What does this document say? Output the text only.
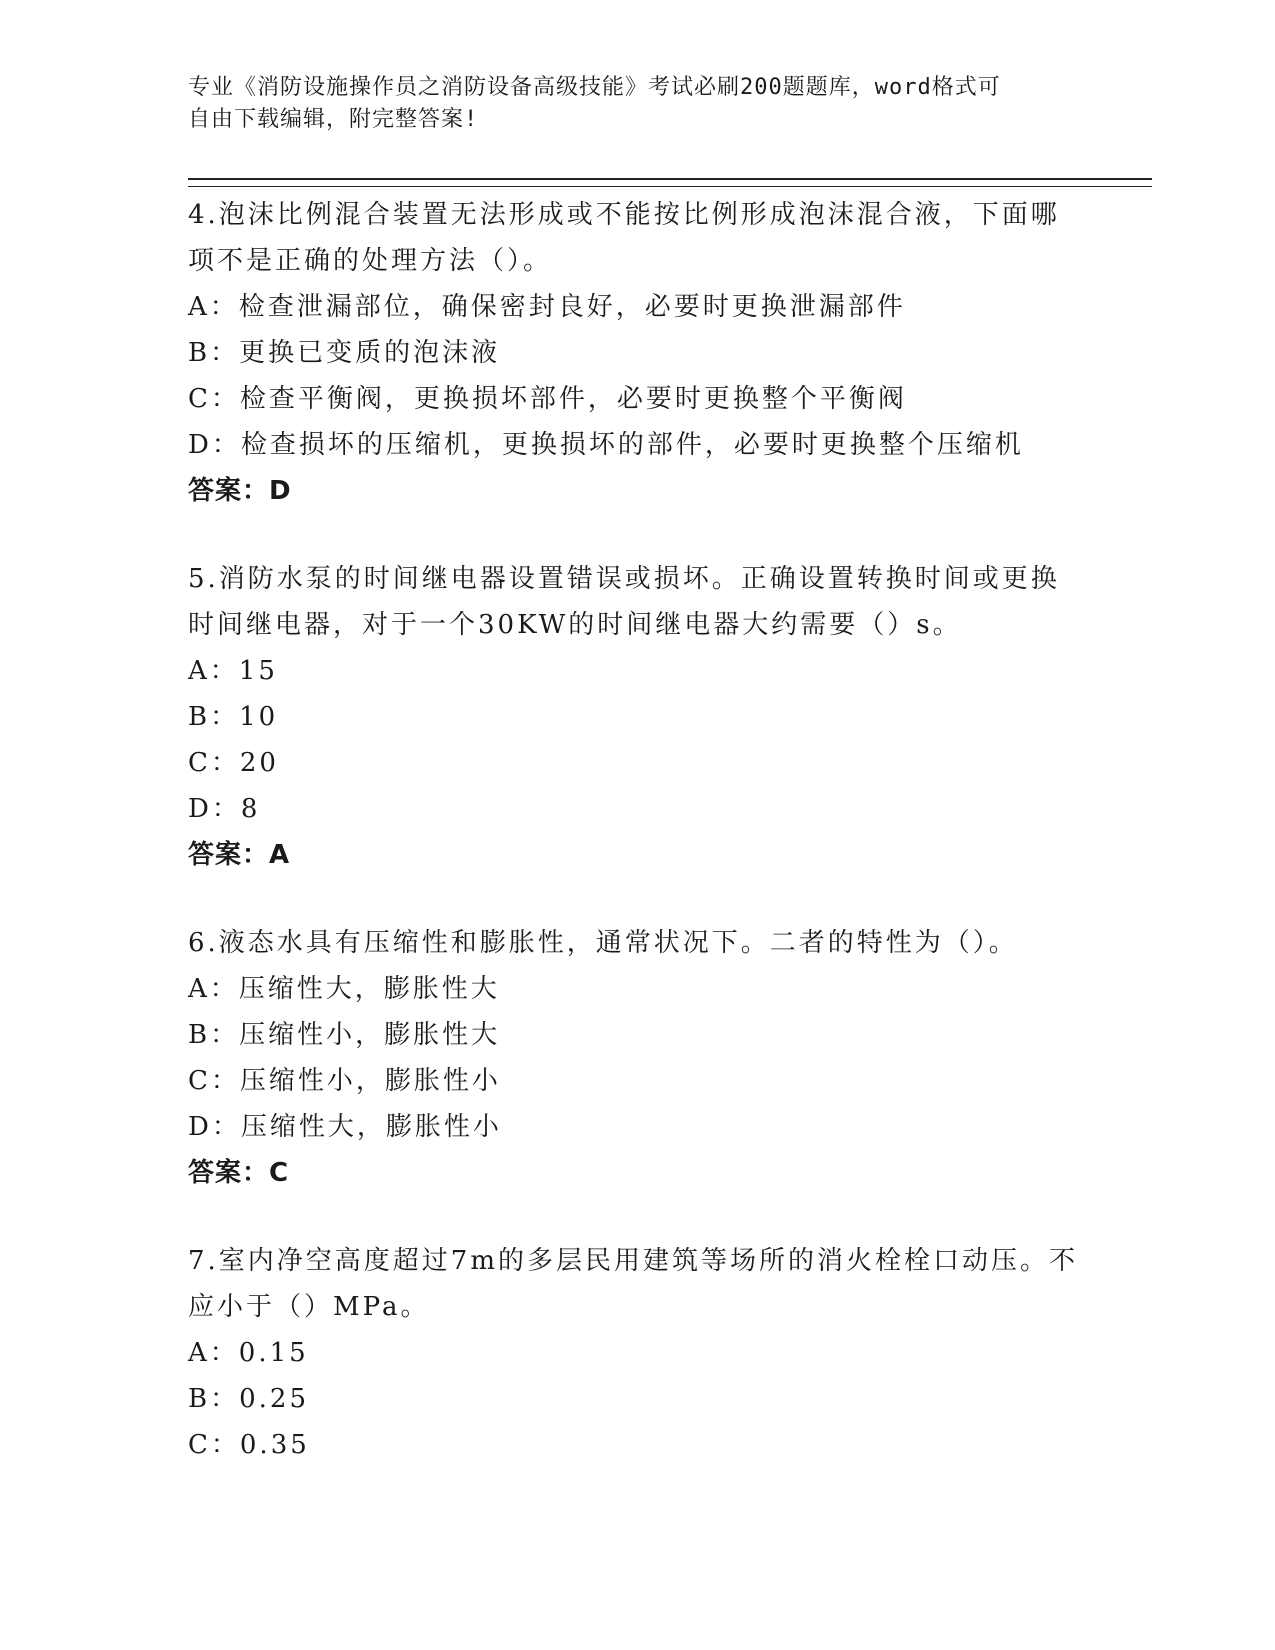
专业《消防设施操作员之消防设备高级技能》考试必刷200题题库，word格式可
自由下载编辑，附完整答案!

4.泡沫比例混合装置无法形成或不能按比例形成泡沫混合液，下面哪项不是正确的处理方法（）。

A：检查泄漏部位，确保密封良好，必要时更换泄漏部件

B：更换已变质的泡沫液

C：检查平衡阀，更换损坏部件，必要时更换整个平衡阀

D：检查损坏的压缩机，更换损坏的部件，必要时更换整个压缩机

答案：D

5.消防水泵的时间继电器设置错误或损坏。正确设置转换时间或更换时间继电器，对于一个30KW的时间继电器大约需要（）s。

A：15

B：10

C：20

D：8

答案：A

6.液态水具有压缩性和膨胀性，通常状况下。二者的特性为（）。

A：压缩性大，膨胀性大

B：压缩性小，膨胀性大

C：压缩性小，膨胀性小

D：压缩性大，膨胀性小

答案：C

7.室内净空高度超过7m的多层民用建筑等场所的消火栓栓口动压。不应小于（）MPa。

A：0.15

B：0.25

C：0.35
